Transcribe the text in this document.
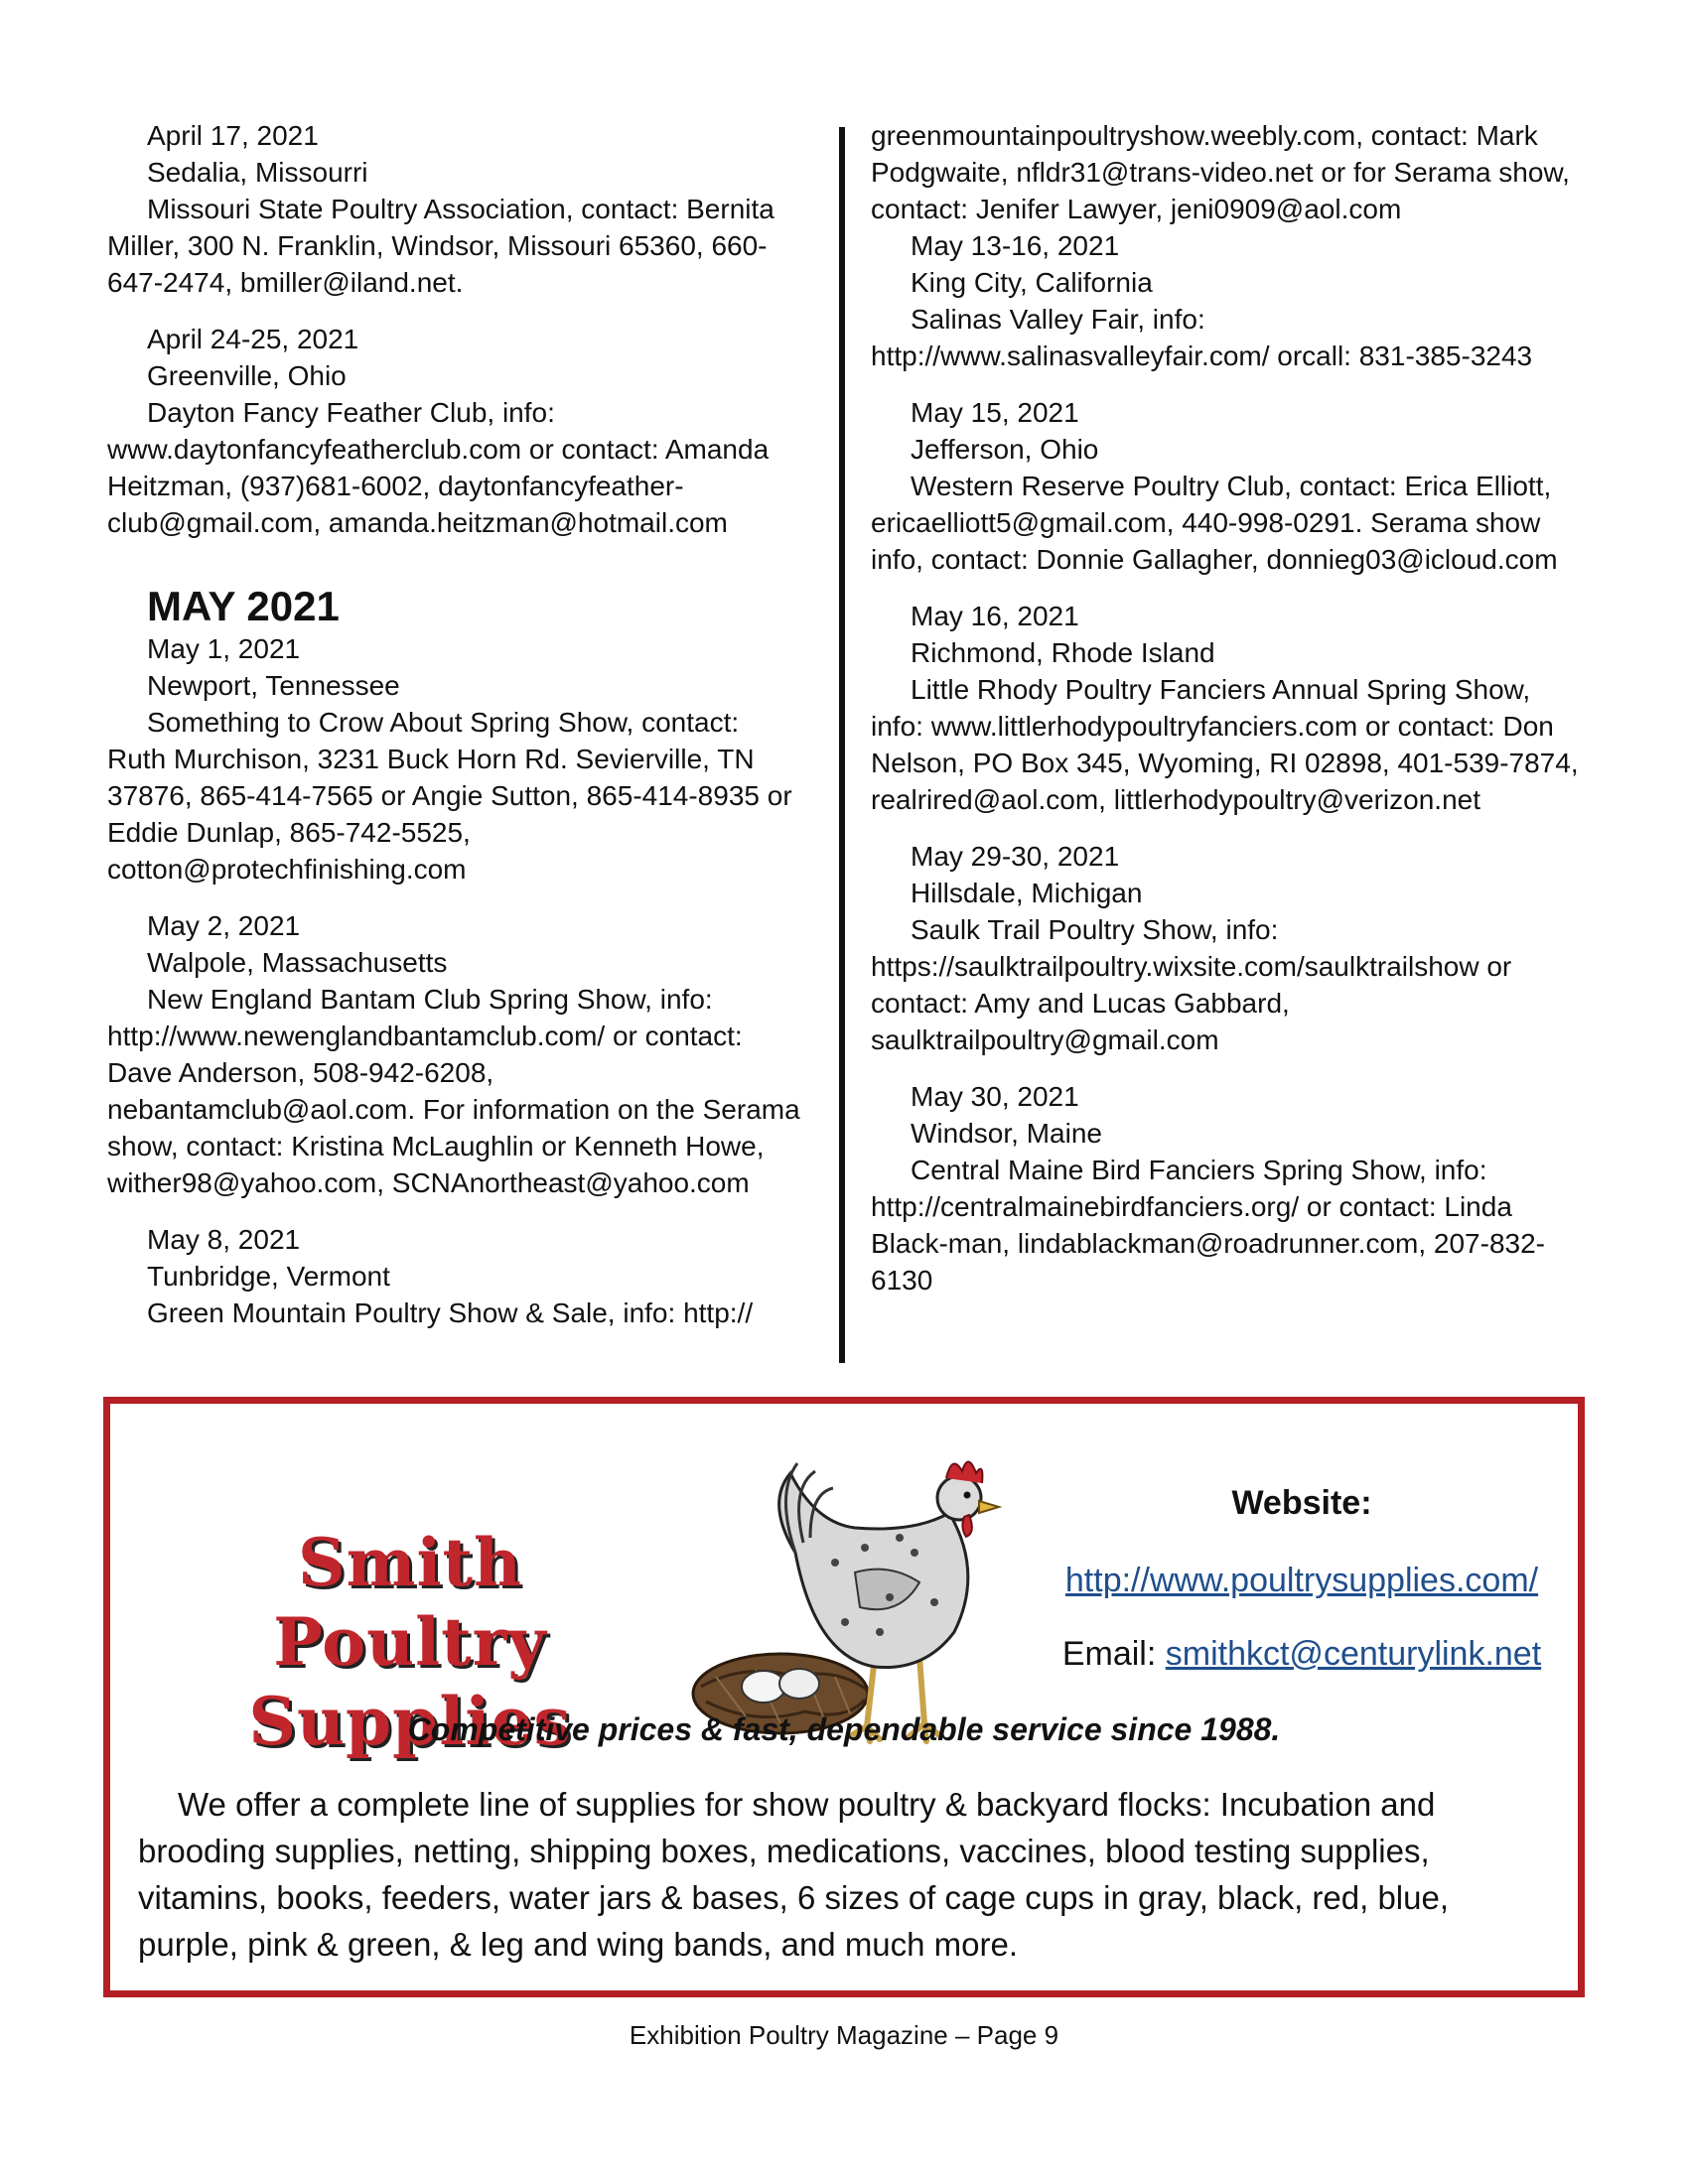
April 17, 2021

Sedalia, Missourri

Missouri State Poultry Association, contact: Bernita Miller, 300 N. Franklin, Windsor, Missouri 65360, 660-647-2474, bmiller@iland.net.

April 24-25, 2021

Greenville, Ohio

Dayton Fancy Feather Club, info: www.daytonfancyfeatherclub.com or contact: Amanda Heitzman, (937)681-6002, daytonfancyfeather-club@gmail.com, amanda.heitzman@hotmail.com

MAY 2021

May 1, 2021

Newport, Tennessee

Something to Crow About Spring Show, contact: Ruth Murchison, 3231 Buck Horn Rd. Sevierville, TN 37876, 865-414-7565 or Angie Sutton, 865-414-8935 or Eddie Dunlap, 865-742-5525, cotton@protechfinishing.com

May 2, 2021

Walpole, Massachusetts

New England Bantam Club Spring Show, info: http://www.newenglandbantamclub.com/ or contact: Dave Anderson, 508-942-6208, nebantamclub@aol.com. For information on the Serama show, contact: Kristina McLaughlin or Kenneth Howe, wither98@yahoo.com, SCNAnortheast@yahoo.com

May 8, 2021

Tunbridge, Vermont

Green Mountain Poultry Show & Sale, info: http://

greenmountainpoultryshow.weebly.com, contact: Mark Podgwaite, nfldr31@trans-video.net or for Serama show, contact: Jenifer Lawyer, jeni0909@aol.com

May 13-16, 2021

King City, California

Salinas Valley Fair, info: http://www.salinasvalleyfair.com/ orcall: 831-385-3243

May 15, 2021

Jefferson, Ohio

Western Reserve Poultry Club, contact: Erica Elliott, ericaelliott5@gmail.com, 440-998-0291. Serama show info, contact: Donnie Gallagher, donnieg03@icloud.com

May 16, 2021

Richmond, Rhode Island

Little Rhody Poultry Fanciers Annual Spring Show, info: www.littlerhodypoultryfanciers.com or contact: Don Nelson, PO Box 345, Wyoming, RI 02898, 401-539-7874, realrired@aol.com, littlerhodypoultry@verizon.net

May 29-30, 2021

Hillsdale, Michigan

Saulk Trail Poultry Show, info: https://saulktrailpoultry.wixsite.com/saulktrailshow or contact: Amy and Lucas Gabbard, saulktrailpoultry@gmail.com

May 30, 2021

Windsor, Maine

Central Maine Bird Fanciers Spring Show, info: http://centralmainebirdfanciers.org/ or contact: Linda Black-man, lindablackman@roadrunner.com, 207-832-6130

Smith Poultry
Supplies
Website:
http://www.poultrysupplies.com/
Email: smithkct@centurylink.net
Competitive prices & fast, dependable service since 1988.

We offer a complete line of supplies for show poultry & backyard flocks: Incubation and brooding supplies, netting, shipping boxes, medications, vaccines, blood testing supplies, vitamins, books, feeders, water jars & bases, 6 sizes of cage cups in gray, black, red, blue, purple, pink & green, & leg and wing bands, and much more.

Exhibition Poultry Magazine – Page 9
